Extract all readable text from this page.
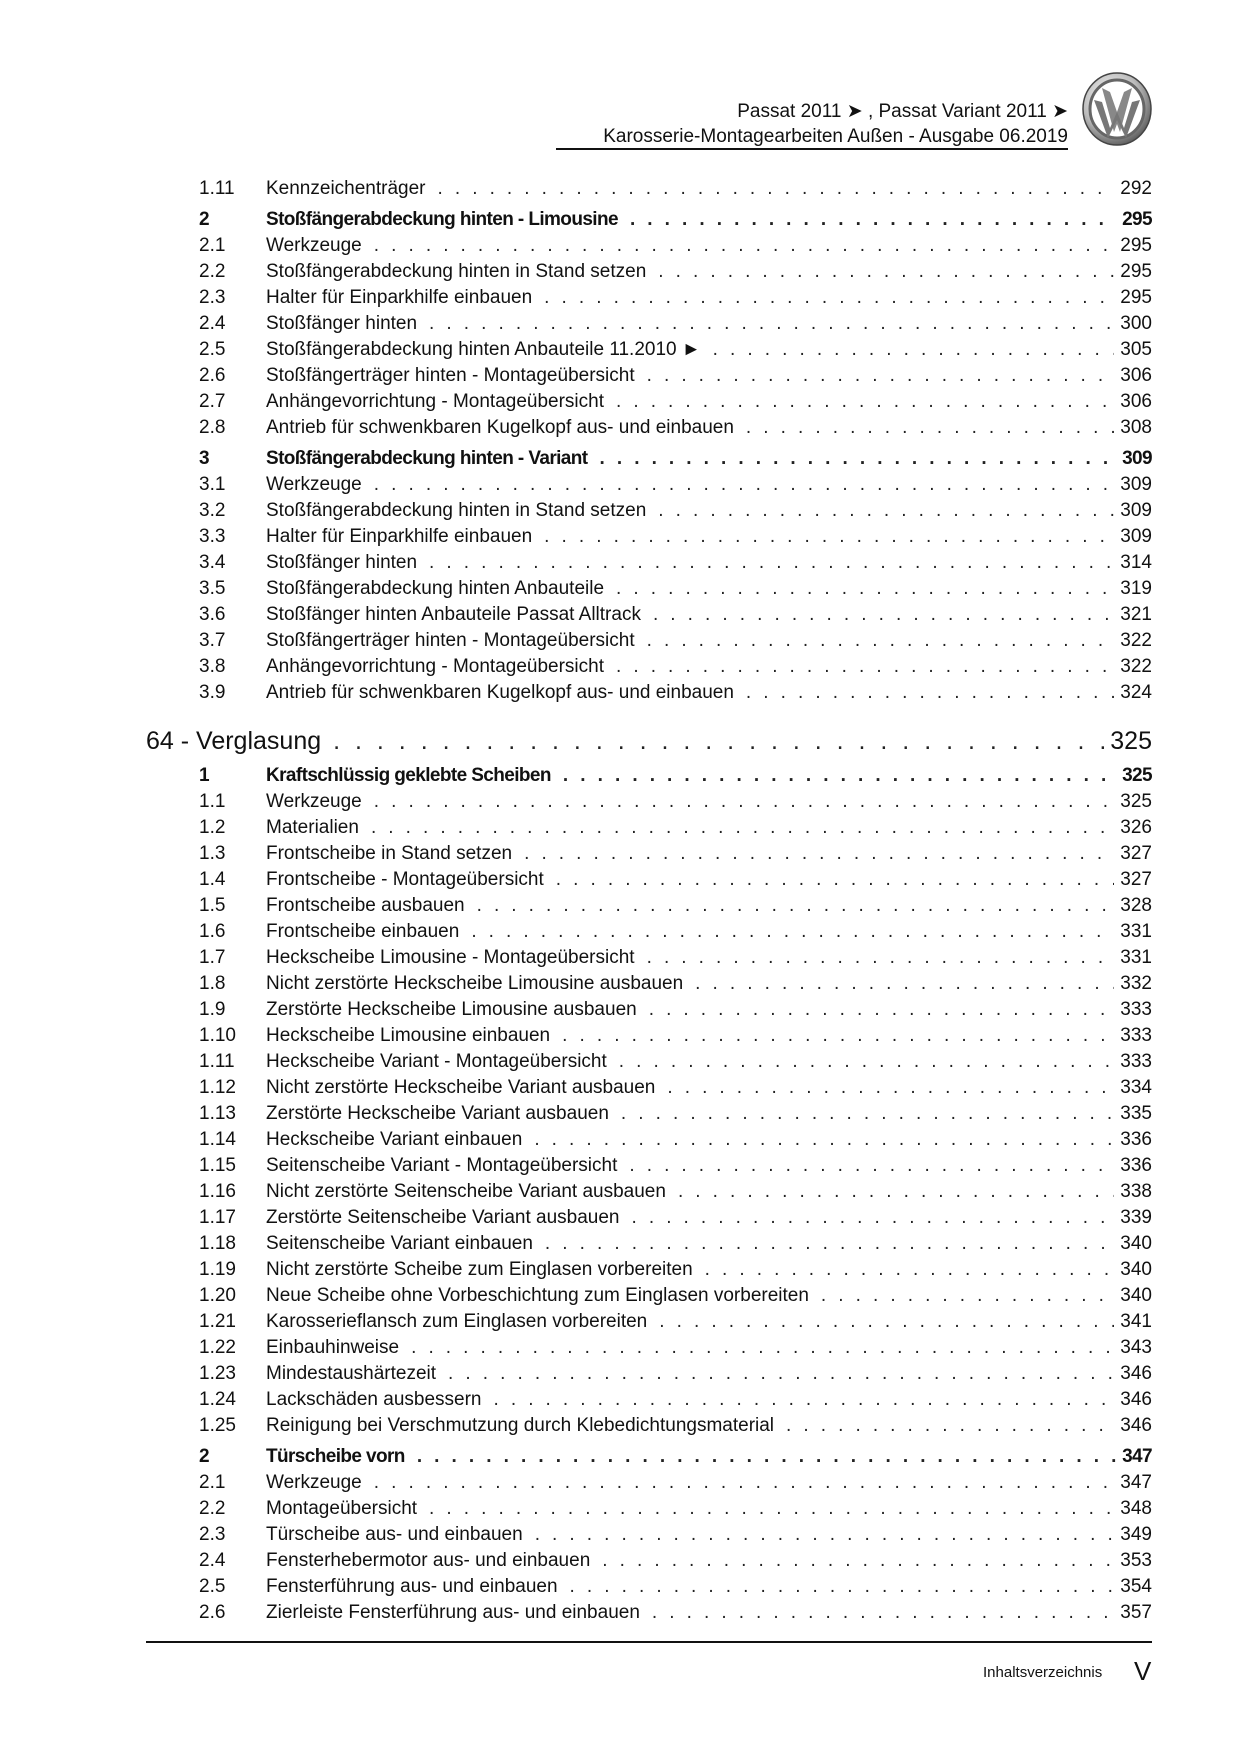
Passat 2011 ➤ , Passat Variant 2011 ➤
Karosserie-Montagearbeiten Außen - Ausgabe 06.2019
1.11	Kennzeichenträger . . .	292
2	Stoßfängerabdeckung hinten - Limousine . . .	295
2.1	Werkzeuge . . .	295
2.2	Stoßfängerabdeckung hinten in Stand setzen . . .	295
2.3	Halter für Einparkhilfe einbauen . . .	295
2.4	Stoßfänger hinten . . .	300
2.5	Stoßfängerabdeckung hinten Anbauteile 11.2010 ► . . .	305
2.6	Stoßfängerträger hinten - Montageübersicht . . .	306
2.7	Anhängevorrichtung - Montageübersicht . . .	306
2.8	Antrieb für schwenkbaren Kugelkopf aus- und einbauen . . .	308
3	Stoßfängerabdeckung hinten - Variant . . .	309
3.1	Werkzeuge . . .	309
3.2	Stoßfängerabdeckung hinten in Stand setzen . . .	309
3.3	Halter für Einparkhilfe einbauen . . .	309
3.4	Stoßfänger hinten . . .	314
3.5	Stoßfängerabdeckung hinten Anbauteile . . .	319
3.6	Stoßfänger hinten Anbauteile Passat Alltrack . . .	321
3.7	Stoßfängerträger hinten - Montageübersicht . . .	322
3.8	Anhängevorrichtung - Montageübersicht . . .	322
3.9	Antrieb für schwenkbaren Kugelkopf aus- und einbauen . . .	324
64 - Verglasung . . .	325
1	Kraftschlüssig geklebte Scheiben . . .	325
1.1	Werkzeuge . . .	325
1.2	Materialien . . .	326
1.3	Frontscheibe in Stand setzen . . .	327
1.4	Frontscheibe - Montageübersicht . . .	327
1.5	Frontscheibe ausbauen . . .	328
1.6	Frontscheibe einbauen . . .	331
1.7	Heckscheibe Limousine - Montageübersicht . . .	331
1.8	Nicht zerstörte Heckscheibe Limousine ausbauen . . .	332
1.9	Zerstörte Heckscheibe Limousine ausbauen . . .	333
1.10	Heckscheibe Limousine einbauen . . .	333
1.11	Heckscheibe Variant - Montageübersicht . . .	333
1.12	Nicht zerstörte Heckscheibe Variant ausbauen . . .	334
1.13	Zerstörte Heckscheibe Variant ausbauen . . .	335
1.14	Heckscheibe Variant einbauen . . .	336
1.15	Seitenscheibe Variant - Montageübersicht . . .	336
1.16	Nicht zerstörte Seitenscheibe Variant ausbauen . . .	338
1.17	Zerstörte Seitenscheibe Variant ausbauen . . .	339
1.18	Seitenscheibe Variant einbauen . . .	340
1.19	Nicht zerstörte Scheibe zum Einglasen vorbereiten . . .	340
1.20	Neue Scheibe ohne Vorbeschichtung zum Einglasen vorbereiten . . .	340
1.21	Karosserieflansch zum Einglasen vorbereiten . . .	341
1.22	Einbauhinweise . . .	343
1.23	Mindestaushärtezeit . . .	346
1.24	Lackschäden ausbessern . . .	346
1.25	Reinigung bei Verschmutzung durch Klebedichtungsmaterial . . .	346
2	Türscheibe vorn . . .	347
2.1	Werkzeuge . . .	347
2.2	Montageübersicht . . .	348
2.3	Türscheibe aus- und einbauen . . .	349
2.4	Fensterhebermotor aus- und einbauen . . .	353
2.5	Fensterführung aus- und einbauen . . .	354
2.6	Zierleiste Fensterführung aus- und einbauen . . .	357
Inhaltsverzeichnis V
